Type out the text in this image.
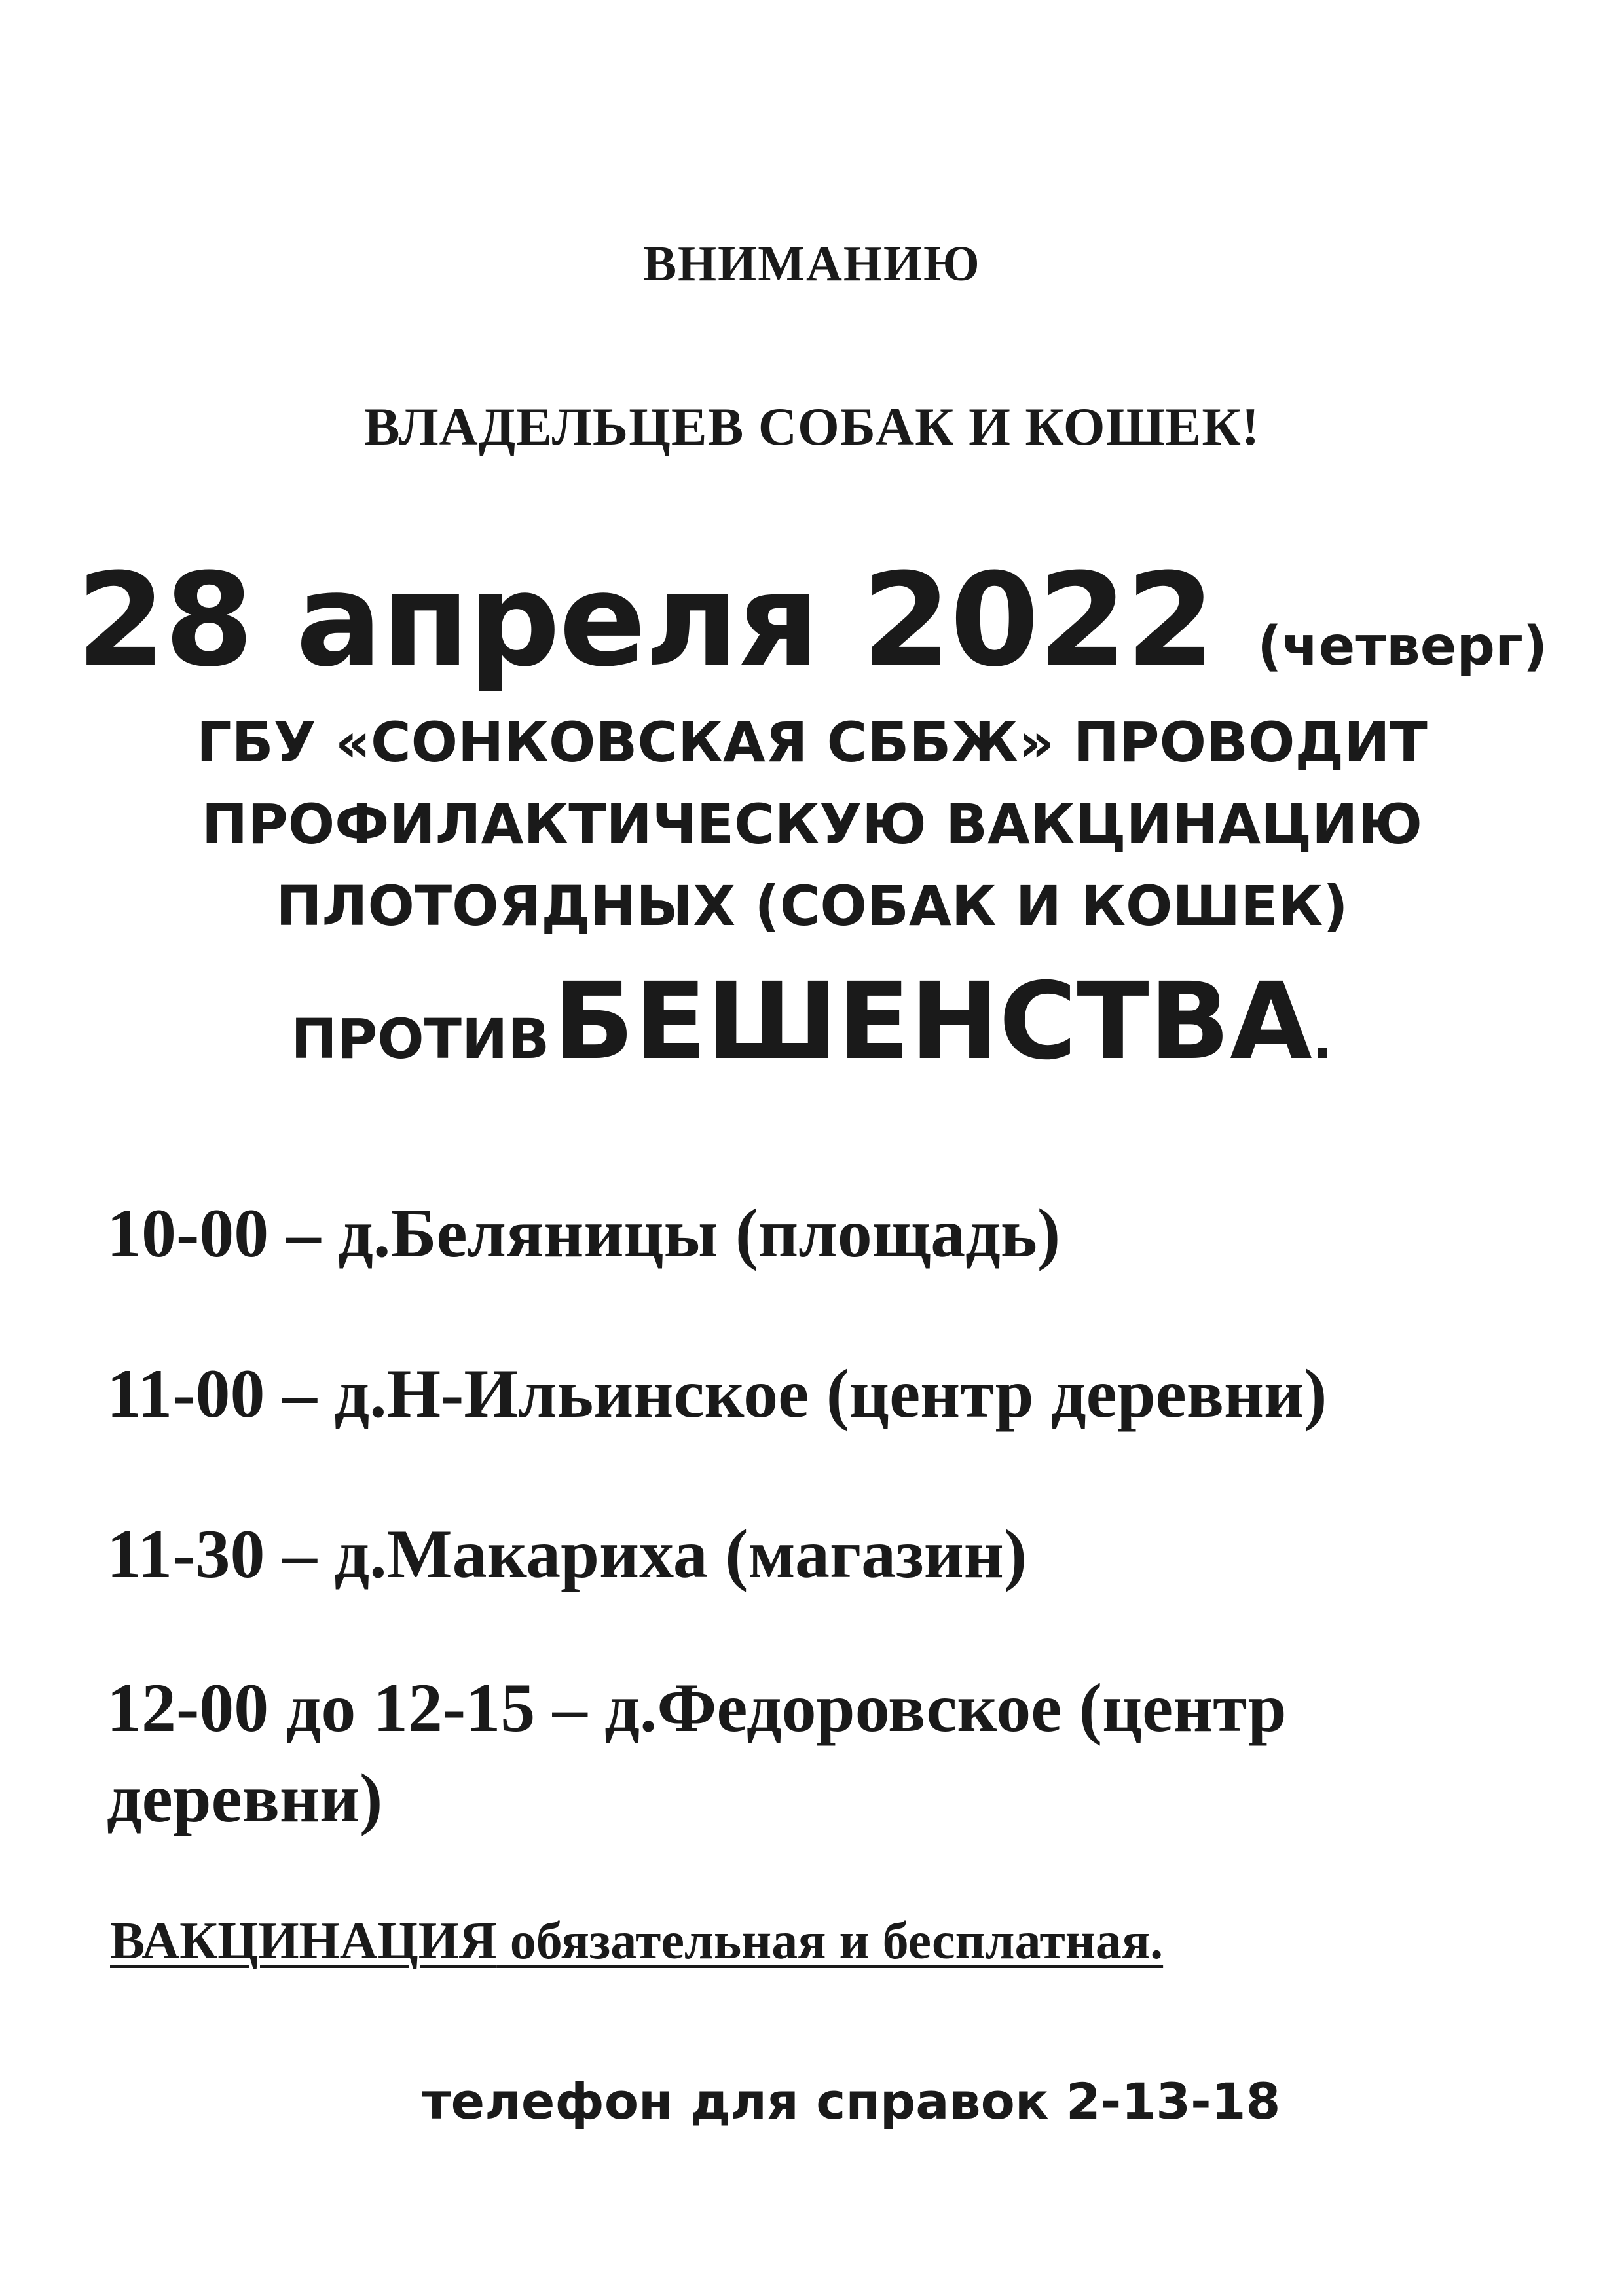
ВНИМАНИЮ
ВЛАДЕЛЬЦЕВ СОБАК И КОШЕК!
28 апреля 2022 (четверг)
ГБУ «СОНКОВСКАЯ СББЖ» ПРОВОДИТ
ПРОФИЛАКТИЧЕСКУЮ ВАКЦИНАЦИЮ
ПЛОТОЯДНЫХ (СОБАК И КОШЕК)
ПРОТИВ БЕШЕНСТВА.
10-00 – д.Беляницы (площадь)
11-00 – д.Н-Ильинское (центр деревни)
11-30 – д.Макариха (магазин)
12-00 до 12-15 – д.Федоровское (центр деревни)
ВАКЦИНАЦИЯ обязательная и бесплатная.
телефон для справок 2-13-18
